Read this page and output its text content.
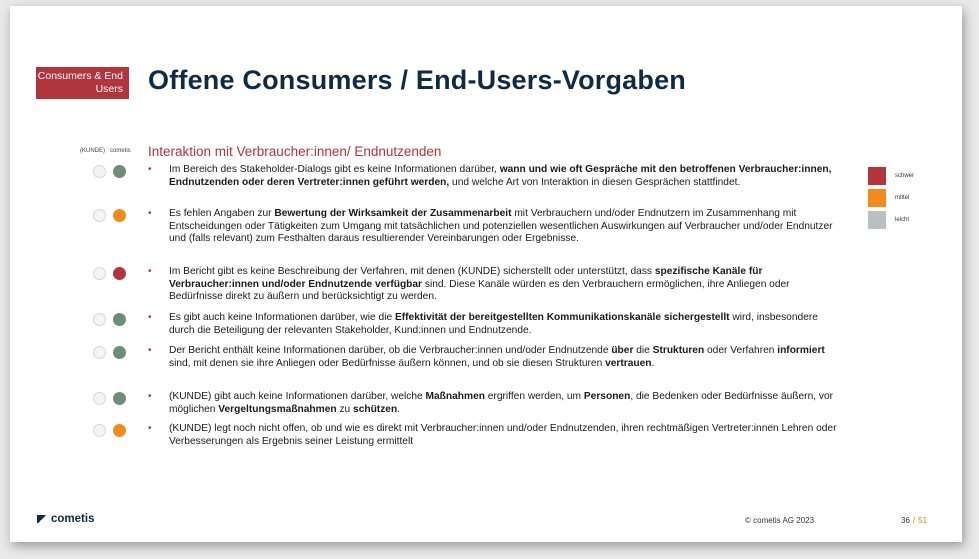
Consumers & End Users Offene Consumers / End-Users-Vorgaben
(KUNDE) cometis Interaktion mit Verbraucher:innen/ Endnutzenden
• Im Bereich des Stakeholder-Dialogs gibt es keine Informationen darüber, wann und wie oft Gespräche mit den betroffenen Verbraucher:innen, Endnutzenden oder deren Vertreter:innen geführt werden, und welche Art von Interaktion in diesen Gesprächen stattfindet.
• Es fehlen Angaben zur Bewertung der Wirksamkeit der Zusammenarbeit mit Verbrauchern und/oder Endnutzern im Zusammenhang mit Entscheidungen oder Tätigkeiten zum Umgang mit tatsächlichen und potenziellen wesentlichen Auswirkungen auf Verbraucher und/oder Endnutzer und (falls relevant) zum Festhalten daraus resultierender Vereinbarungen oder Ergebnisse.
• Im Bericht gibt es keine Beschreibung der Verfahren, mit denen (KUNDE) sicherstellt oder unterstützt, dass spezifische Kanäle für Verbraucher:innen und/oder Endnutzende verfügbar sind. Diese Kanäle würden es den Verbrauchern ermöglichen, ihre Anliegen oder Bedürfnisse direkt zu äußern und berücksichtigt zu werden.
• Es gibt auch keine Informationen darüber, wie die Effektivität der bereitgestellten Kommunikationskanäle sichergestellt wird, insbesondere durch die Beteiligung der relevanten Stakeholder, Kund:innen und Endnutzende.
• Der Bericht enthält keine Informationen darüber, ob die Verbraucher:innen und/oder Endnutzende über die Strukturen oder Verfahren informiert sind, mit denen sie ihre Anliegen oder Bedürfnisse äußern können, und ob sie diesen Strukturen vertrauen.
• (KUNDE) gibt auch keine Informationen darüber, welche Maßnahmen ergriffen werden, um Personen, die Bedenken oder Bedürfnisse äußern, vor möglichen Vergeltungsmaßnahmen zu schützen.
• (KUNDE) legt noch nicht offen, ob und wie es direkt mit Verbraucher:innen und/oder Endnutzenden, ihren rechtmäßigen Vertreter:innen Lehren oder Verbesserungen als Ergebnis seiner Leistung ermittelt
schwer
mittel
leicht
cometis	© cometis AG 2023	36 / 51
